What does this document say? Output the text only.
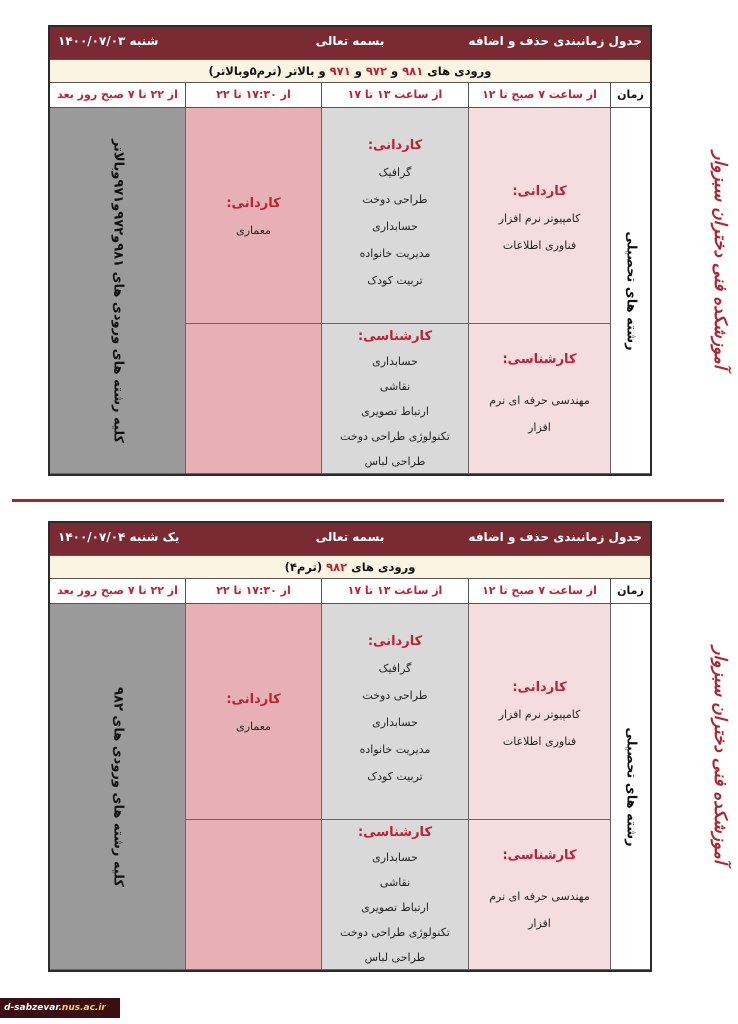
جدول زمانبندی حذف و اضافه
بسمه تعالی
شنبه ۱۴۰۰/۰۷/۰۳
ورودی های ۹۸۱ و ۹۷۲ و ۹۷۱ و بالاتر (ترم۵وبالاتر)
زمان
از ساعت ۷ صبح تا ۱۲
از ساعت ۱۳ تا ۱۷
از ۱۷:۳۰ تا ۲۲
از ۲۲ تا ۷ صبح روز بعد
رشته های تحصیلی
کاردانی:
کامپیوتر نرم افزار
فناوری اطلاعات
کارشناسی:
مهندسی حرفه ای نرم
افزار
کاردانی:
گرافیک
طراحی دوخت
حسابداری
مدیریت خانواده
تربیت کودک
کارشناسی:
حسابداری
نقاشی
ارتباط تصویری
تکنولوژی طراحی دوخت
طراحی لباس
کاردانی:
معماری
کلیه رشته های ورودی های ۹۸۱و۹۷۲و۹۷۱وبالاتر	آموزشکده فنی دختران سبزوار
جدول زمانبندی حذف و اضافه
بسمه تعالی
یک شنبه ۱۴۰۰/۰۷/۰۴
ورودی های ۹۸۲ (ترم۴)
زمان
از ساعت ۷ صبح تا ۱۲
از ساعت ۱۳ تا ۱۷
از ۱۷:۳۰ تا ۲۲
از ۲۲ تا ۷ صبح روز بعد
رشته های تحصیلی
کاردانی:
کامپیوتر نرم افزار
فناوری اطلاعات
کارشناسی:
مهندسی حرفه ای نرم
افزار
کاردانی:
گرافیک
طراحی دوخت
حسابداری
مدیریت خانواده
تربیت کودک
کارشناسی:
حسابداری
نقاشی
ارتباط تصویری
تکنولوژی طراحی دوخت
طراحی لباس
کاردانی:
معماری
کلیه رشته های ورودی های ۹۸۲	آموزشکده فنی دختران سبزوار
d-sabzevar.nus.ac.ir
